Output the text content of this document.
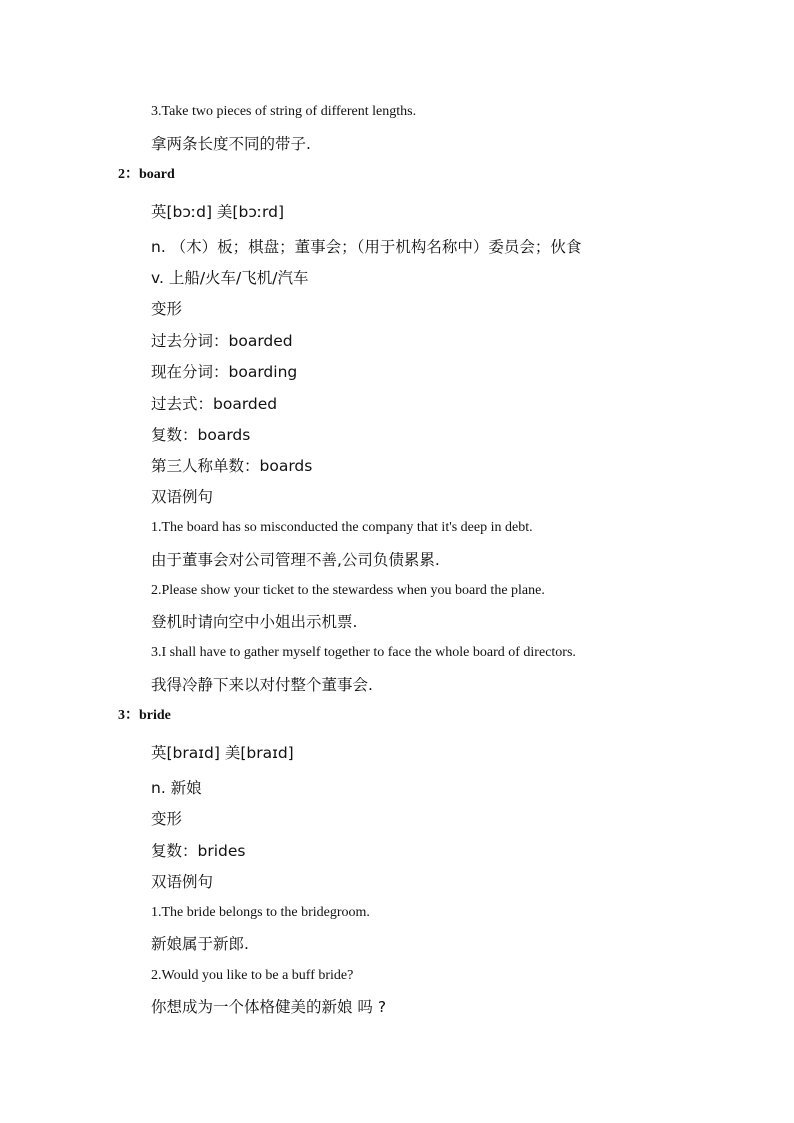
3.Take two pieces of string of different lengths.
拿两条长度不同的带子.
2：board
英[bɔːd] 美[bɔːrd]
n. （木）板；棋盘；董事会；（用于机构名称中）委员会；伙食
v. 上船/火车/飞机/汽车
变形
过去分词：boarded
现在分词：boarding
过去式：boarded
复数：boards
第三人称单数：boards
双语例句
1.The board has so misconducted the company that it's deep in debt.
由于董事会对公司管理不善,公司负债累累.
2.Please show your ticket to the stewardess when you board the plane.
登机时请向空中小姐出示机票.
3.I shall have to gather myself together to face the whole board of directors.
我得冷静下来以对付整个董事会.
3：bride
英[braɪd] 美[braɪd]
n. 新娘
变形
复数：brides
双语例句
1.The bride belongs to the bridegroom.
新娘属于新郎.
2.Would you like to be a buff bride?
你想成为一个体格健美的新娘 吗 ?
